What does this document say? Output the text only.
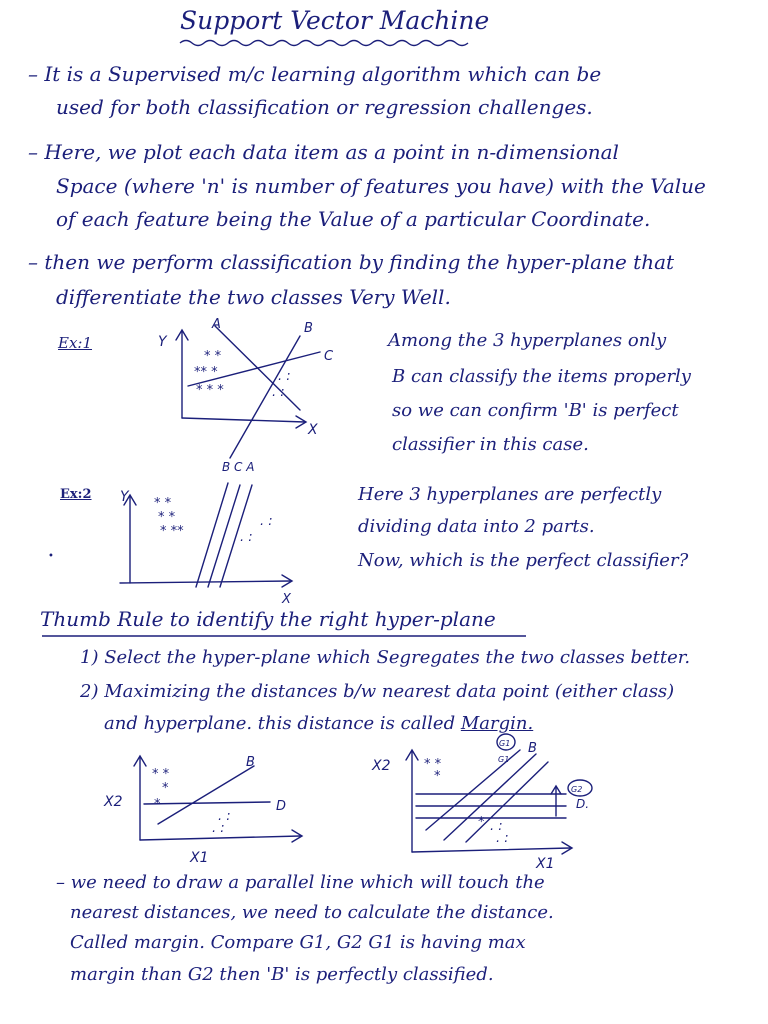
Support Vector Machine
– It is a Supervised m/c learning algorithm which can be
used for both classification or regression challenges.
– Here, we plot each data item as a point in n-dimensional
Space (where 'n' is number of features you have) with the Value
of each feature being the Value of a particular Coordinate.
– then we perform classification by finding the hyper-plane that
differentiate the two classes Very Well.
Ex:1	Y
X
A	B
C
* *
** *
* * *
. :
. :
Among the 3 hyperplanes only
B can classify the items properly
so we can confirm 'B' is perfect
classifier in this case.
Ex:2
•
Y
X
B C A
* *
* *
* **
. :
. :
Here 3 hyperplanes are perfectly
dividing data into 2 parts.
Now, which is the perfect classifier?
Thumb Rule to identify the right hyper-plane
1) Select the hyper-plane which Segregates the two classes better.
2) Maximizing the distances b/w nearest data point (either class)
and hyperplane. this distance is called Margin.
X2
X1
B
D
* *
*
*
. :
. :
X2
X1
B
D.
G1
G1
G2
* *
*
* . :
. :
– we need to draw a parallel line which will touch the
nearest distances, we need to calculate the distance.
Called margin. Compare G1, G2 G1 is having max
margin than G2 then 'B' is perfectly classified.
